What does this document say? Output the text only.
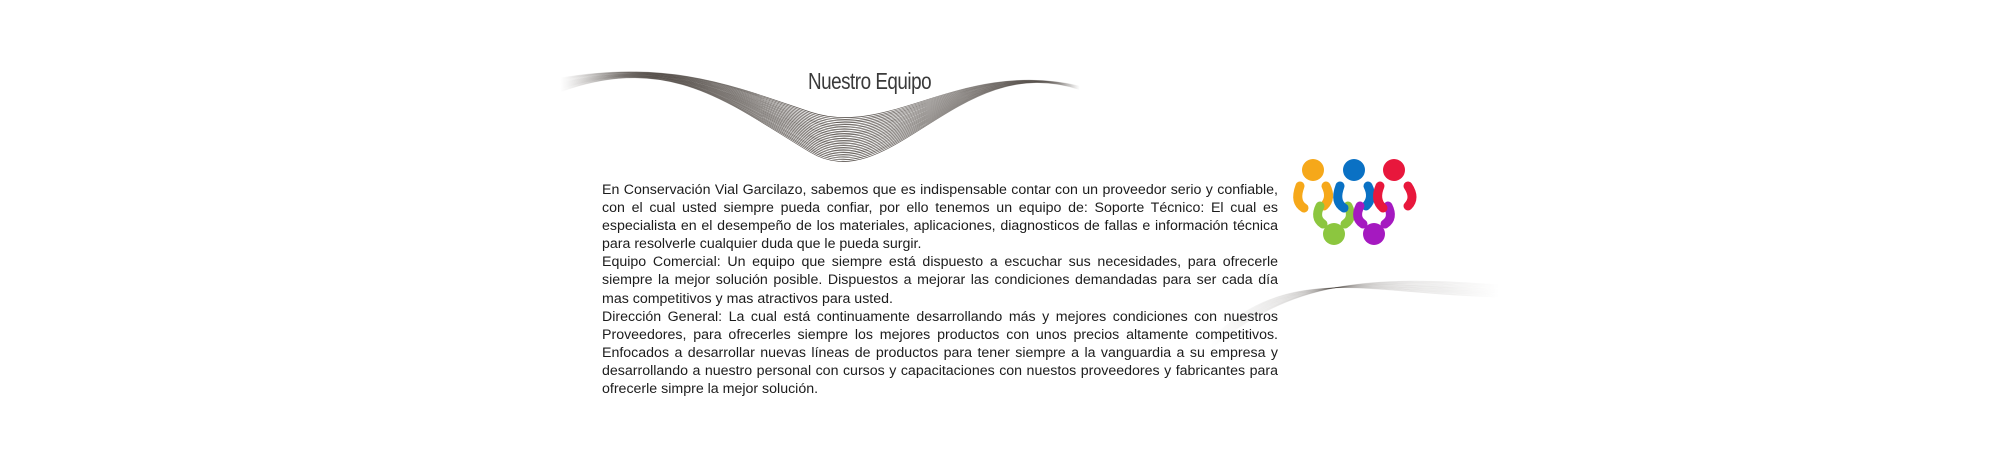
Nuestro Equipo

En Conservación Vial Garcilazo, sabemos que es indispensable contar con un proveedor serio y confiable, con el cual usted siempre pueda confiar, por ello tenemos un equipo de: Soporte Técnico: El cual es especialista en el desempeño de los materiales, aplicaciones, diagnosticos de fallas e información técnica para resolverle cualquier duda que le pueda surgir.

Equipo Comercial: Un equipo que siempre está dispuesto a escuchar sus necesidades, para ofrecerle siempre la mejor solución posible. Dispuestos a mejorar las condiciones demandadas para ser cada día mas competitivos y mas atractivos para usted.

Dirección General: La cual está continuamente desarrollando más y mejores condiciones con nuestros Proveedores, para ofrecerles siempre los mejores productos con unos precios altamente competitivos. Enfocados a desarrollar nuevas líneas de productos para tener siempre a la vanguardia a su empresa y desarrollando a nuestro personal con cursos y capacitaciones con nuestos proveedores y fabricantes para ofrecerle simpre la mejor solución.
